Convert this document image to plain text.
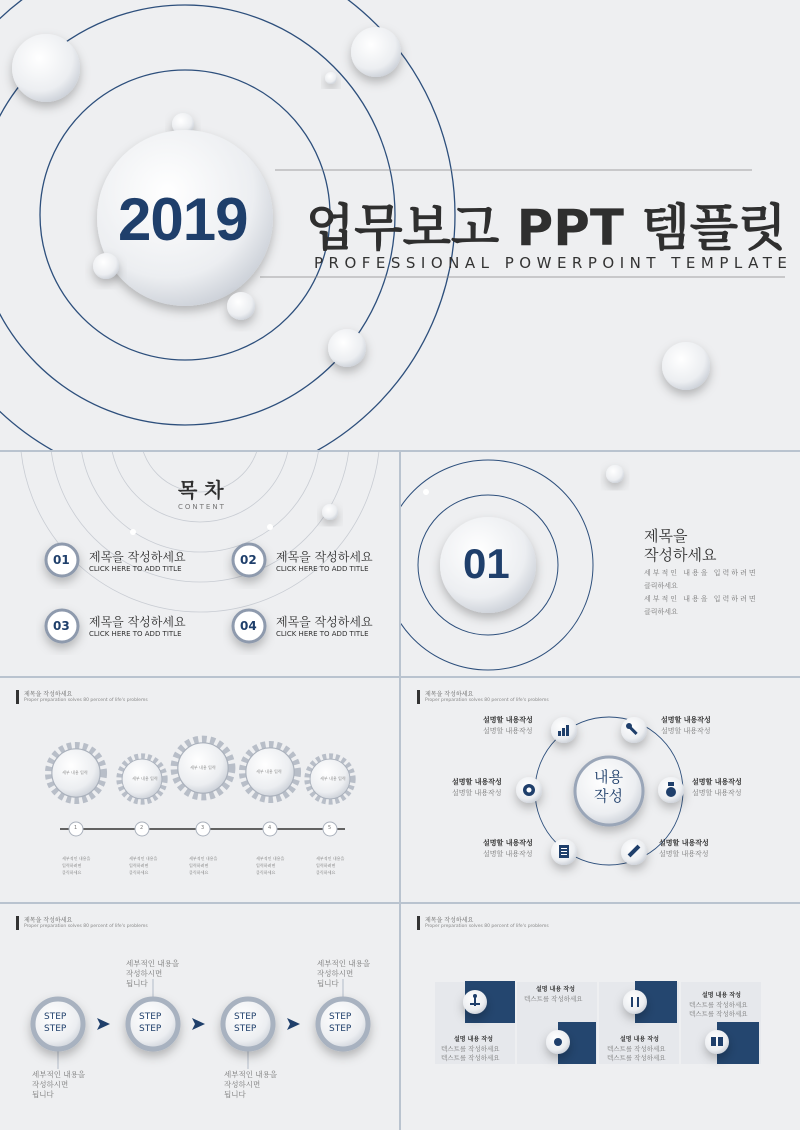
2019 업무보고 PPT 템플릿
PROFESSIONAL POWERPOINT TEMPLATE
목 차
CONTENT
01 제목을 작성하세요
CLICK HERE TO ADD TITLE
02 제목을 작성하세요
CLICK HERE TO ADD TITLE
03 제목을 작성하세요
CLICK HERE TO ADD TITLE
04 제목을 작성하세요
CLICK HERE TO ADD TITLE
01
제목을
작성하세요
세부적인 내용을 입력하려면
클릭하세요
세부적인 내용을 입력하려면
클릭하세요
제목을 작성하세요
Proper preparation solves 80 percent of life's problems
세부 내용 입력
세부 내용 입력
세부 내용 입력
세부 내용 입력
세부 내용 입력
1	2	3	4	5
세부적인 내용을
입력하려면
클릭하세요
세부적인 내용을
입력하려면
클릭하세요
세부적인 내용을
입력하려면
클릭하세요
세부적인 내용을
입력하려면
클릭하세요
세부적인 내용을
입력하려면
클릭하세요
제목을 작성하세요
Proper preparation solves 80 percent of life's problems
내용
작성
설명할 내용작성
설명할 내용작성
설명할 내용작성
설명할 내용작성
설명할 내용작성
설명할 내용작성
설명할 내용작성
설명할 내용작성
설명할 내용작성
설명할 내용작성
설명할 내용작성
설명할 내용작성
제목을 작성하세요
Proper preparation solves 80 percent of life's problems
STEP
STEP
STEP
STEP
STEP
STEP
STEP
STEP
세부적인 내용을
작성하시면
됩니다
세부적인 내용을
작성하시면
됩니다
세부적인 내용을
작성하시면
됩니다
세부적인 내용을
작성하시면
됩니다
제목을 작성하세요
Proper preparation solves 80 percent of life's problems
설명 내용 작성
텍스트를 작성하세요	설명 내용 작성
텍스트를 작성하세요
텍스트를 작성하세요
설명 내용 작성
텍스트를 작성하세요
텍스트를 작성하세요
설명 내용 작성
텍스트를 작성하세요
텍스트를 작성하세요
